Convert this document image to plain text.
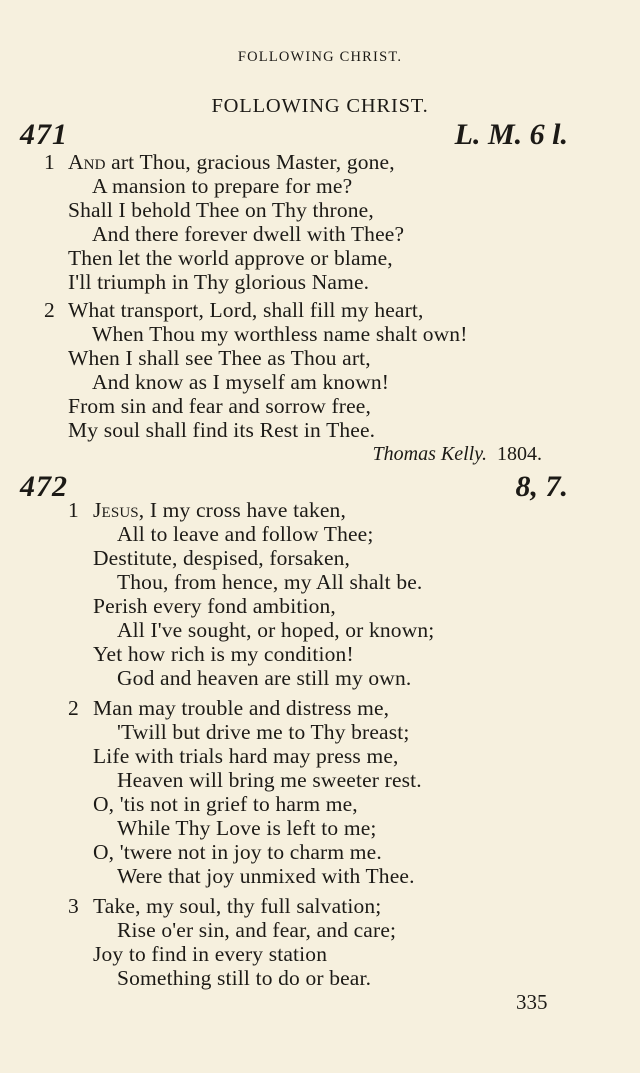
FOLLOWING CHRIST.
FOLLOWING CHRIST.
471	L. M. 6 l.
1 And art Thou, gracious Master, gone,
A mansion to prepare for me?
Shall I behold Thee on Thy throne,
And there forever dwell with Thee?
Then let the world approve or blame,
I'll triumph in Thy glorious Name.
2 What transport, Lord, shall fill my heart,
When Thou my worthless name shalt own!
When I shall see Thee as Thou art,
And know as I myself am known!
From sin and fear and sorrow free,
My soul shall find its Rest in Thee.
Thomas Kelly. 1804.
472	8, 7.
1 Jesus, I my cross have taken,
All to leave and follow Thee;
Destitute, despised, forsaken,
Thou, from hence, my All shalt be.
Perish every fond ambition,
All I've sought, or hoped, or known;
Yet how rich is my condition!
God and heaven are still my own.
2 Man may trouble and distress me,
'Twill but drive me to Thy breast;
Life with trials hard may press me,
Heaven will bring me sweeter rest.
O, 'tis not in grief to harm me,
While Thy Love is left to me;
O, 'twere not in joy to charm me.
Were that joy unmixed with Thee.
3 Take, my soul, thy full salvation;
Rise o'er sin, and fear, and care;
Joy to find in every station
Something still to do or bear.
335
